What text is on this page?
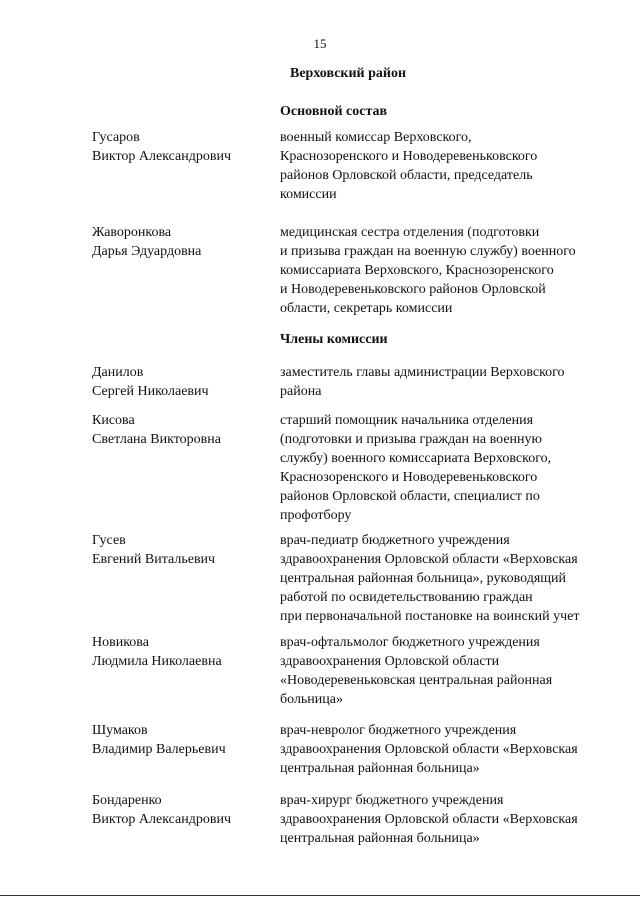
15
Верховский район
Основной состав
Гусаров
Виктор Александрович
военный комиссар Верховского,
Краснозоренского и Новодеревеньковского
районов Орловской области, председатель
комиссии
Жаворонкова
Дарья Эдуардовна
медицинская сестра отделения (подготовки
и призыва граждан на военную службу) военного
комиссариата Верховского, Краснозоренского
и Новодеревеньковского районов Орловской
области, секретарь комиссии
Члены комиссии
Данилов
Сергей Николаевич
заместитель главы администрации Верховского
района
Кисова
Светлана Викторовна
старший помощник начальника отделения
(подготовки и призыва граждан на военную
службу) военного комиссариата Верховского,
Краснозоренского и Новодеревеньковского
районов Орловской области, специалист по
профотбору
Гусев
Евгений Витальевич
врач-педиатр бюджетного учреждения
здравоохранения Орловской области «Верховская
центральная районная больница», руководящий
работой по освидетельствованию граждан
при первоначальной постановке на воинский учет
Новикова
Людмила Николаевна
врач-офтальмолог бюджетного учреждения
здравоохранения Орловской области
«Новодеревеньковская центральная районная
больница»
Шумаков
Владимир Валерьевич
врач-невролог бюджетного учреждения
здравоохранения Орловской области «Верховская
центральная районная больница»
Бондаренко
Виктор Александрович
врач-хирург бюджетного учреждения
здравоохранения Орловской области «Верховская
центральная районная больница»
